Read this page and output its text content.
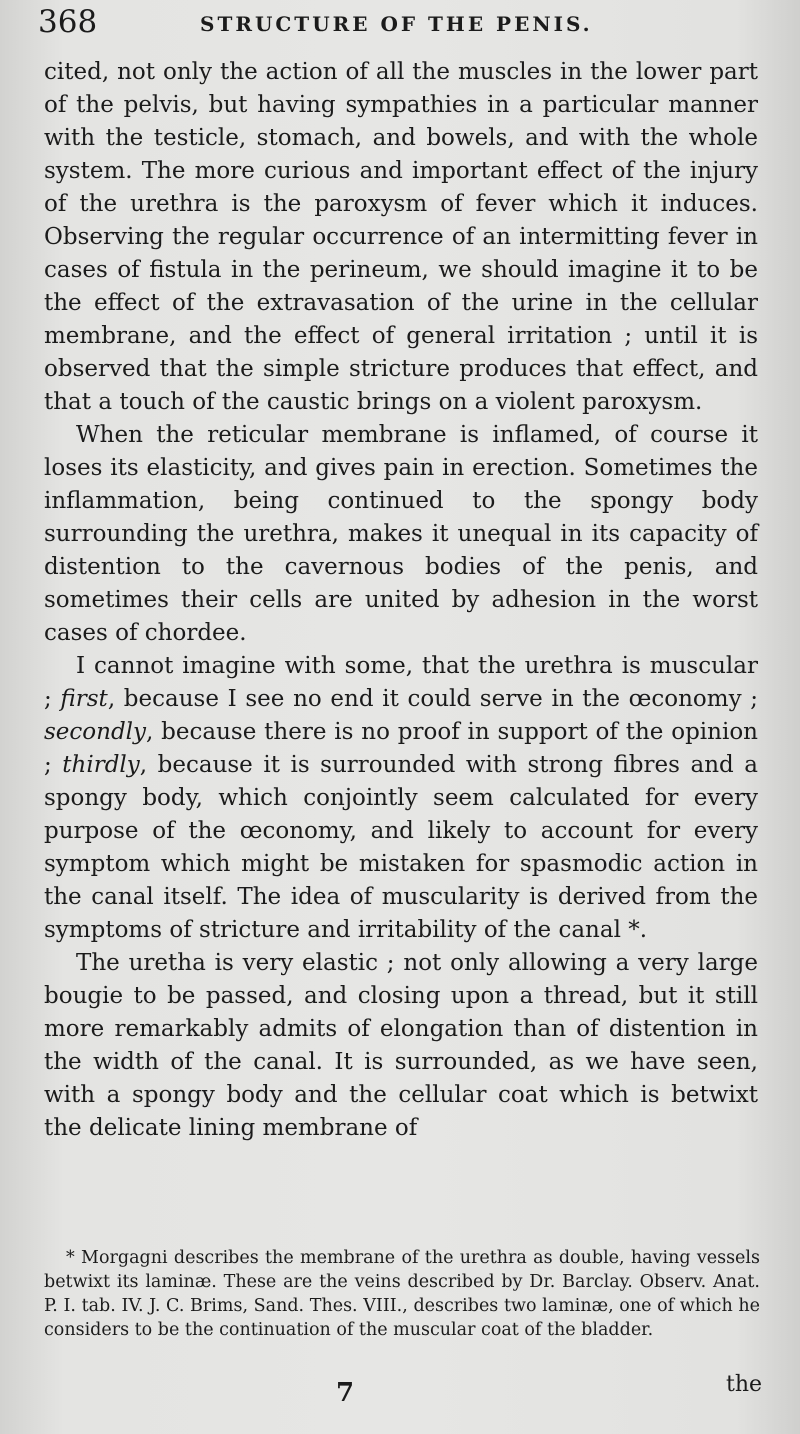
368	STRUCTURE OF THE PENIS.

cited, not only the action of all the muscles in the lower part of the pelvis, but having sympathies in a particular manner with the testicle, stomach, and bowels, and with the whole system. The more curious and important effect of the injury of the urethra is the paroxysm of fever which it induces. Observing the regular occurrence of an intermitting fever in cases of fistula in the perineum, we should imagine it to be the effect of the extravasation of the urine in the cellular membrane, and the effect of general irritation ; until it is observed that the simple stricture produces that effect, and that a touch of the caustic brings on a violent paroxysm.

When the reticular membrane is inflamed, of course it loses its elasticity, and gives pain in erection. Sometimes the inflammation, being continued to the spongy body surrounding the urethra, makes it unequal in its capacity of distention to the cavernous bodies of the penis, and sometimes their cells are united by adhesion in the worst cases of chordee.

I cannot imagine with some, that the urethra is muscular ; first, because I see no end it could serve in the œconomy ; secondly, because there is no proof in support of the opinion ; thirdly, because it is surrounded with strong fibres and a spongy body, which conjointly seem calculated for every purpose of the œconomy, and likely to account for every symptom which might be mistaken for spasmodic action in the canal itself. The idea of muscularity is derived from the symptoms of stricture and irritability of the canal *.

The uretha is very elastic ; not only allowing a very large bougie to be passed, and closing upon a thread, but it still more remarkably admits of elongation than of distention in the width of the canal. It is surrounded, as we have seen, with a spongy body and the cellular coat which is betwixt the delicate lining membrane of

* Morgagni describes the membrane of the urethra as double, having vessels betwixt its laminæ. These are the veins described by Dr. Barclay. Observ. Anat. P. I. tab. IV. J. C. Brims, Sand. Thes. VIII., describes two laminæ, one of which he considers to be the continuation of the muscular coat of the bladder.

7	the
